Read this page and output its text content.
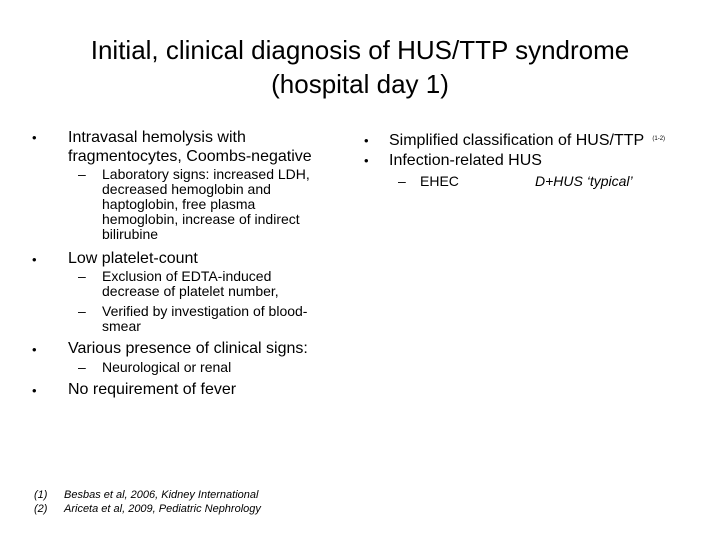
Initial, clinical diagnosis of HUS/TTP syndrome
(hospital day 1)
• Intravasal hemolysis with
fragmentocytes, Coombs-negative
– Laboratory signs: increased LDH,
decreased hemoglobin and
haptoglobin, free plasma
hemoglobin, increase of indirect
bilirubine
• Low platelet-count
– Exclusion of EDTA-induced
decrease of platelet number,
– Verified by investigation of blood-
smear
• Various presence of clinical signs:
– Neurological or renal
• No requirement of fever
• Simplified classification of HUS/TTP $^{(1-2)}$
• Infection-related HUS
– EHEC	D+HUS ‘typical’
(1) Besbas et al, 2006, Kidney International
(2) Ariceta et al, 2009, Pediatric Nephrology
